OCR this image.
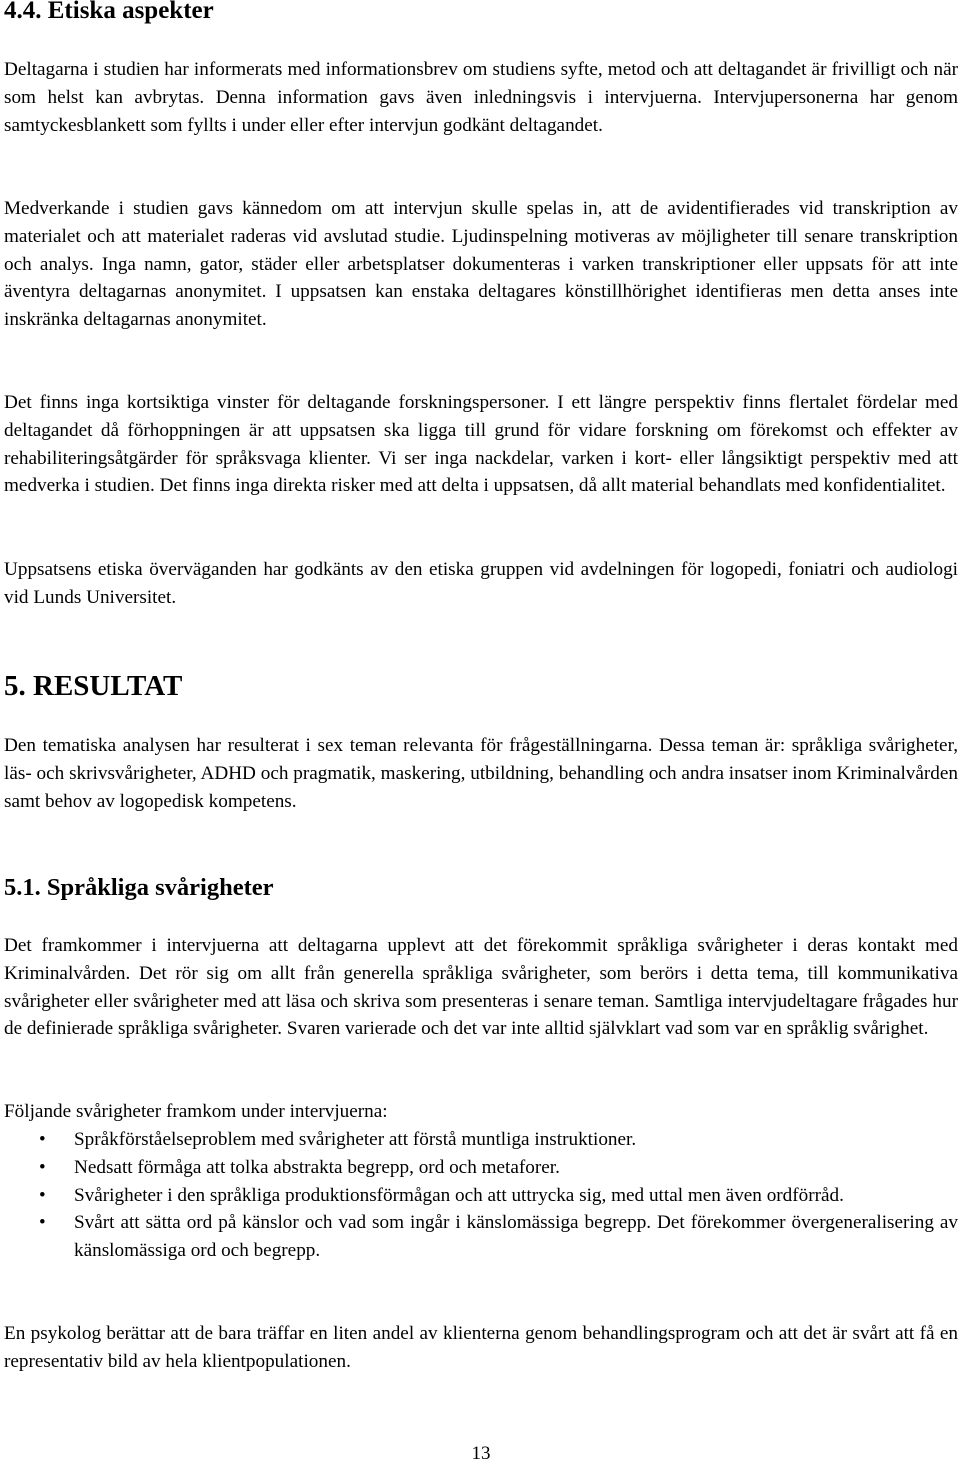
4.4. Etiska aspekter

Deltagarna i studien har informerats med informationsbrev om studiens syfte, metod och att deltagandet är frivilligt och när som helst kan avbrytas. Denna information gavs även inledningsvis i intervjuerna. Intervjupersonerna har genom samtyckesblankett som fyllts i under eller efter intervjun godkänt deltagandet.

Medverkande i studien gavs kännedom om att intervjun skulle spelas in, att de avidentifierades vid transkription av materialet och att materialet raderas vid avslutad studie. Ljudinspelning motiveras av möjligheter till senare transkription och analys. Inga namn, gator, städer eller arbetsplatser dokumenteras i varken transkriptioner eller uppsats för att inte äventyra deltagarnas anonymitet. I uppsatsen kan enstaka deltagares könstillhörighet identifieras men detta anses inte inskränka deltagarnas anonymitet.

Det finns inga kortsiktiga vinster för deltagande forskningspersoner. I ett längre perspektiv finns flertalet fördelar med deltagandet då förhoppningen är att uppsatsen ska ligga till grund för vidare forskning om förekomst och effekter av rehabiliteringsåtgärder för språksvaga klienter. Vi ser inga nackdelar, varken i kort- eller långsiktigt perspektiv med att medverka i studien. Det finns inga direkta risker med att delta i uppsatsen, då allt material behandlats med konfidentialitet.

Uppsatsens etiska överväganden har godkänts av den etiska gruppen vid avdelningen för logopedi, foniatri och audiologi vid Lunds Universitet.

5. RESULTAT

Den tematiska analysen har resulterat i sex teman relevanta för frågeställningarna. Dessa teman är: språkliga svårigheter, läs- och skrivsvårigheter, ADHD och pragmatik, maskering, utbildning, behandling och andra insatser inom Kriminalvården samt behov av logopedisk kompetens.

5.1. Språkliga svårigheter

Det framkommer i intervjuerna att deltagarna upplevt att det förekommit språkliga svårigheter i deras kontakt med Kriminalvården. Det rör sig om allt från generella språkliga svårigheter, som berörs i detta tema, till kommunikativa svårigheter eller svårigheter med att läsa och skriva som presenteras i senare teman. Samtliga intervjudeltagare frågades hur de definierade språkliga svårigheter. Svaren varierade och det var inte alltid självklart vad som var en språklig svårighet.

Följande svårigheter framkom under intervjuerna:

• Språkförståelseproblem med svårigheter att förstå muntliga instruktioner.
• Nedsatt förmåga att tolka abstrakta begrepp, ord och metaforer.
• Svårigheter i den språkliga produktionsförmågan och att uttrycka sig, med uttal men även ordförråd.
• Svårt att sätta ord på känslor och vad som ingår i känslomässiga begrepp. Det förekommer övergeneralisering av känslomässiga ord och begrepp.

En psykolog berättar att de bara träffar en liten andel av klienterna genom behandlingsprogram och att det är svårt att få en representativ bild av hela klientpopulationen.

13
